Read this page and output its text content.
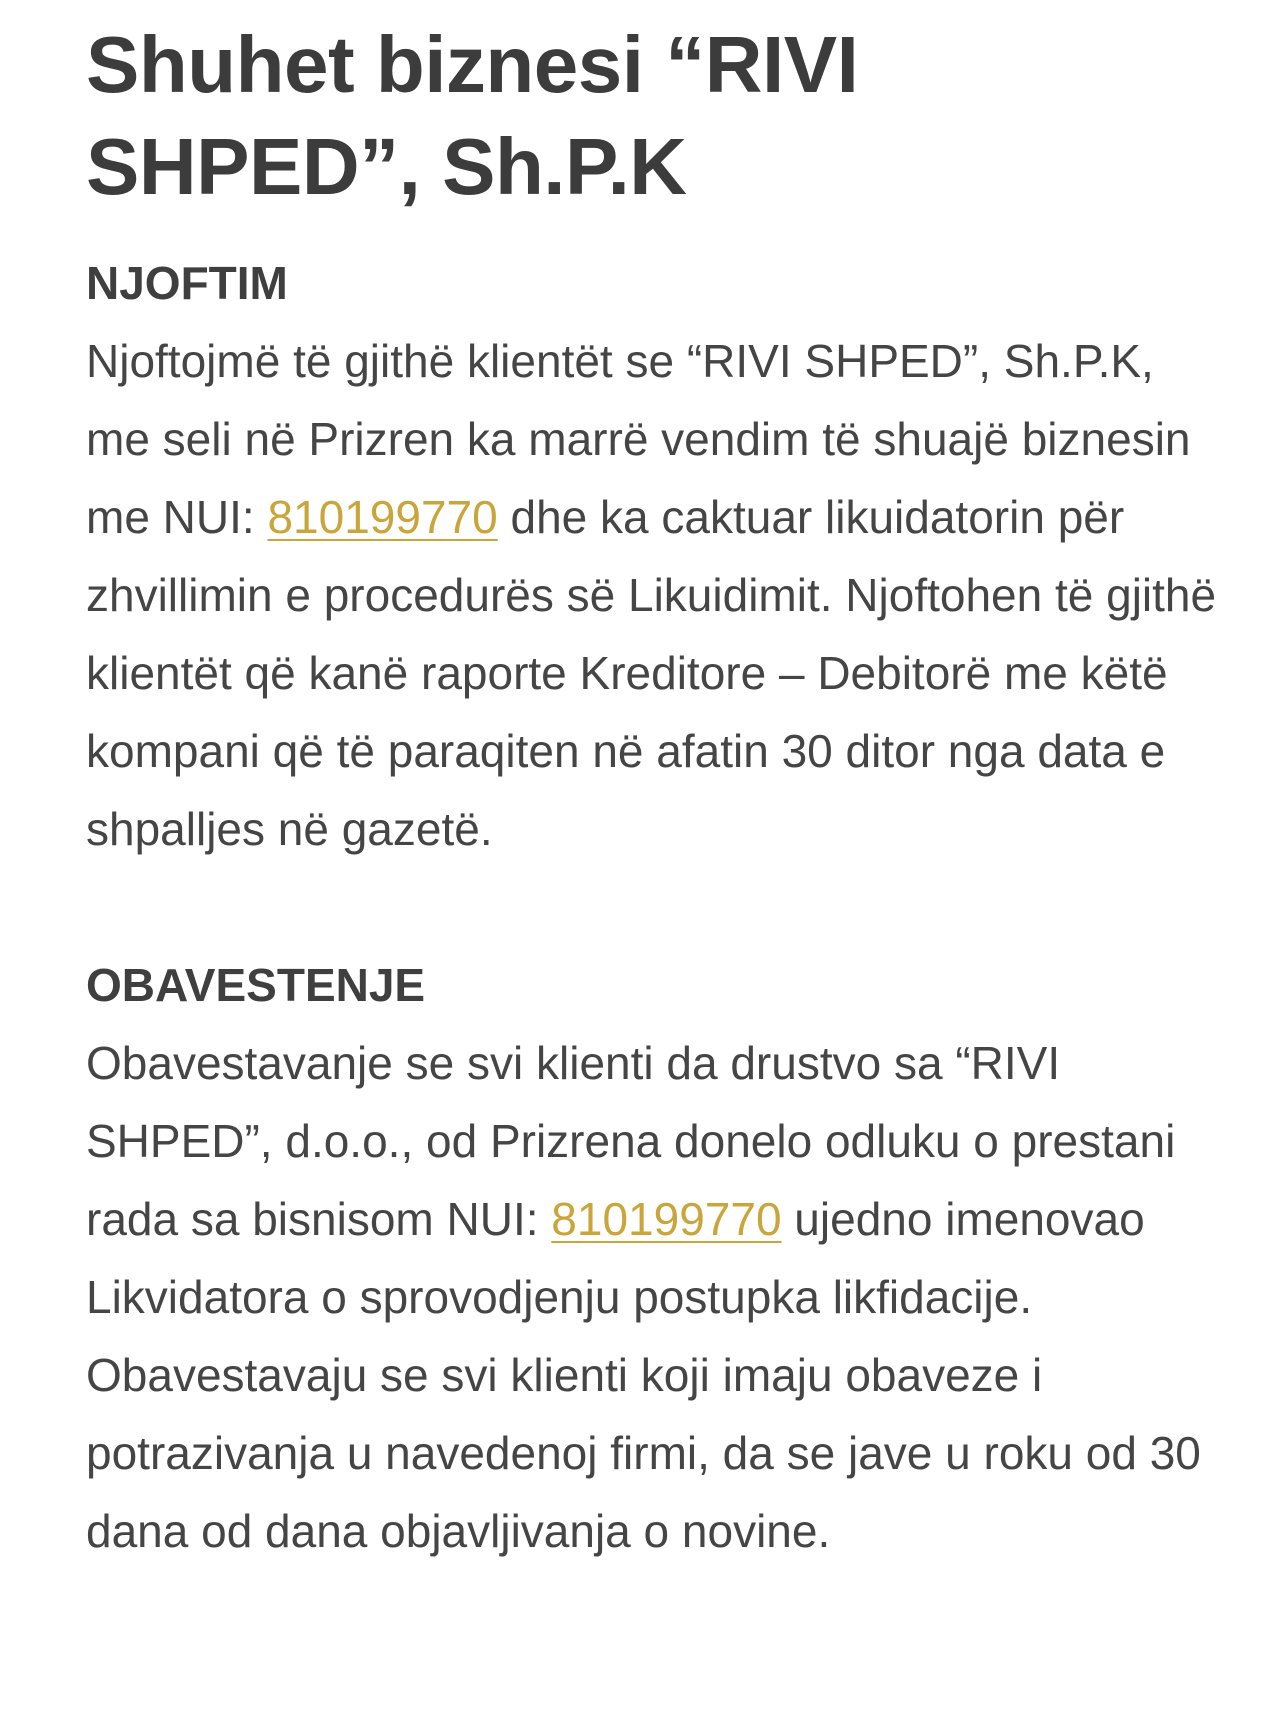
Shuhet biznesi “RIVI
SHPED”, Sh.P.K
NJOFTIM

Njoftojmë të gjithë klientët se “RIVI SHPED”, Sh.P.K, me seli në Prizren ka marrë vendim të shuajë biznesin me NUI: 810199770 dhe ka caktuar likuidatorin për zhvillimin e procedurës së Likuidimit. Njoftohen të gjithë klientët që kanë raporte Kreditore – Debitorë me këtë kompani që të paraqiten në afatin 30 ditor nga data e shpalljes në gazetë.

OBAVESTENJE

Obavestavanje se svi klienti da drustvo sa “RIVI SHPED”, d.o.o., od Prizrena donelo odluku o prestani rada sa bisnisom NUI: 810199770 ujedno imenovao Likvidatora o sprovodjenju postupka likfidacije. Obavestavaju se svi klienti koji imaju obaveze i potrazivanja u navedenoj firmi, da se jave u roku od 30 dana od dana objavljivanja o novine.
